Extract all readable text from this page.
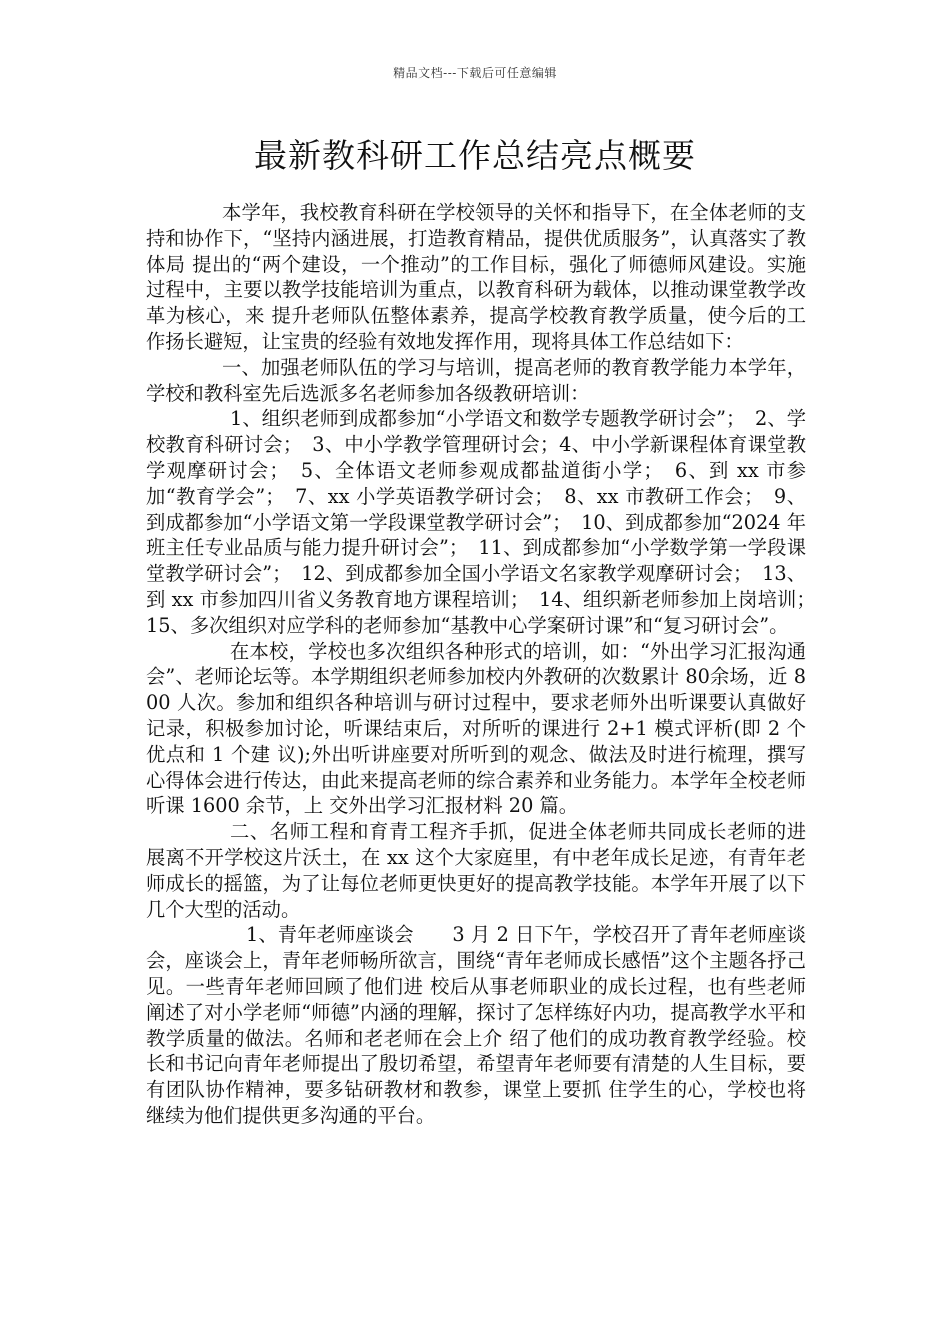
精品文档---下载后可任意编辑
最新教科研工作总结亮点概要

本学年，我校教育科研在学校领导的关怀和指导下，在全体老师的支持和协作下，“坚持内涵进展，打造教育精品，提供优质服务”，认真落实了教体局 提出的“两个建设，一个推动”的工作目标，强化了师德师风建设。实施过程中，主要以教学技能培训为重点，以教育科研为载体，以推动课堂教学改革为核心，来 提升老师队伍整体素养，提高学校教育教学质量，使今后的工作扬长避短，让宝贵的经验有效地发挥作用，现将具体工作总结如下：

一、加强老师队伍的学习与培训，提高老师的教育教学能力本学年，学校和教科室先后选派多名老师参加各级教研培训：

1、组织老师到成都参加“小学语文和数学专题教学研讨会”；　2、学校教育科研讨会；　3、中小学教学管理研讨会；4、中小学新课程体育课堂教学观摩研讨会；　5、全体语文老师参观成都盐道街小学；　6、到 xx 市参加“教育学会”；　7、xx 小学英语教学研讨会；　8、xx 市教研工作会；　9、到成都参加“小学语文第一学段课堂教学研讨会”；　10、到成都参加“2024 年班主任专业品质与能力提升研讨会”；　11、到成都参加“小学数学第一学段课堂教学研讨会”；　12、到成都参加全国小学语文名家教学观摩研讨会；　13、到 xx 市参加四川省义务教育地方课程培训；　14、组织新老师参加上岗培训；　15、多次组织对应学科的老师参加“基教中心学案研讨课”和“复习研讨会”。

在本校，学校也多次组织各种形式的培训，如：“外出学习汇报沟通会”、老师论坛等。本学期组织老师参加校内外教研的次数累计 80余场，近 800 人次。参加和组织各种培训与研讨过程中，要求老师外出听课要认真做好记录，积极参加讨论，听课结束后，对所听的课进行 2+1 模式评析(即 2 个优点和 1 个建 议);外出听讲座要对所听到的观念、做法及时进行梳理，撰写心得体会进行传达，由此来提高老师的综合素养和业务能力。本学年全校老师听课 1600 余节，上 交外出学习汇报材料 20 篇。

二、名师工程和育青工程齐手抓，促进全体老师共同成长老师的进展离不开学校这片沃土，在 xx 这个大家庭里，有中老年成长足迹，有青年老师成长的摇篮，为了让每位老师更快更好的提高教学技能。本学年开展了以下几个大型的活动。

1、青年老师座谈会　　3 月 2 日下午，学校召开了青年老师座谈会，座谈会上，青年老师畅所欲言，围绕“青年老师成长感悟”这个主题各抒己见。一些青年老师回顾了他们进 校后从事老师职业的成长过程，也有些老师阐述了对小学老师“师德”内涵的理解，探讨了怎样练好内功，提高教学水平和教学质量的做法。名师和老老师在会上介 绍了他们的成功教育教学经验。校长和书记向青年老师提出了殷切希望，希望青年老师要有清楚的人生目标，要有团队协作精神，要多钻研教材和教参，课堂上要抓 住学生的心，学校也将继续为他们提供更多沟通的平台。
